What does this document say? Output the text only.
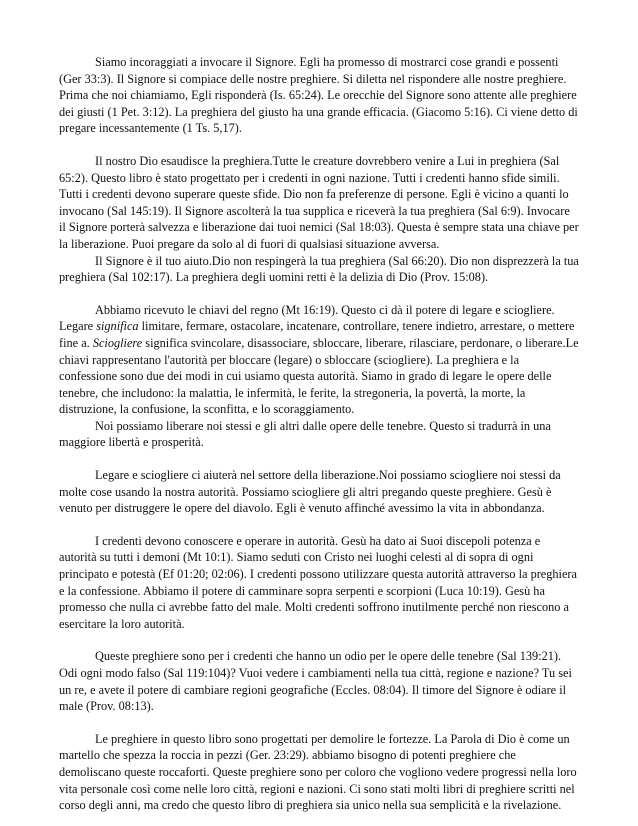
Siamo incoraggiati a invocare il Signore. Egli ha promesso di mostrarci cose grandi e possenti (Ger 33:3). Il Signore si compiace delle nostre preghiere. Si diletta nel rispondere alle nostre preghiere. Prima che noi chiamiamo, Egli risponderà (Is. 65:24). Le orecchie del Signore sono attente alle preghiere dei giusti (1 Pet. 3:12). La preghiera del giusto ha una grande efficacia. (Giacomo 5:16). Ci viene detto di pregare incessantemente (1 Ts. 5,17).

Il nostro Dio esaudisce la preghiera.Tutte le creature dovrebbero venire a Lui in preghiera (Sal 65:2). Questo libro è stato progettato per i credenti in ogni nazione. Tutti i credenti hanno sfide simili. Tutti i credenti devono superare queste sfide. Dio non fa preferenze di persone. Egli è vicino a quanti lo invocano (Sal 145:19). Il Signore ascolterà la tua supplica e riceverà la tua preghiera (Sal 6:9). Invocare il Signore porterà salvezza e liberazione dai tuoi nemici (Sal 18:03). Questa è sempre stata una chiave per la liberazione. Puoi pregare da solo al di fuori di qualsiasi situazione avversa.

Il Signore è il tuo aiuto.Dio non respingerà la tua preghiera (Sal 66:20). Dio non disprezzerà la tua preghiera (Sal 102:17). La preghiera degli uomini retti è la delizia di Dio (Prov. 15:08).

Abbiamo ricevuto le chiavi del regno (Mt 16:19). Questo ci dà il potere di legare e sciogliere. Legare significa limitare, fermare, ostacolare, incatenare, controllare, tenere indietro, arrestare, o mettere fine a. Sciogliere significa svincolare, disassociare, sbloccare, liberare, rilasciare, perdonare, o liberare.Le chiavi rappresentano l'autorità per bloccare (legare) o sbloccare (sciogliere). La preghiera e la confessione sono due dei modi in cui usiamo questa autorità. Siamo in grado di legare le opere delle tenebre, che includono: la malattia, le infermità, le ferite, la stregoneria, la povertà, la morte, la distruzione, la confusione, la sconfitta, e lo scoraggiamento.

Noi possiamo liberare noi stessi e gli altri dalle opere delle tenebre. Questo si tradurrà in una maggiore libertà e prosperità.

Legare e sciogliere ci aiuterà nel settore della liberazione.Noi possiamo sciogliere noi stessi da molte cose usando la nostra autorità. Possiamo sciogliere gli altri pregando queste preghiere. Gesù è venuto per distruggere le opere del diavolo. Egli è venuto affinché avessimo la vita in abbondanza.

I credenti devono conoscere e operare in autorità. Gesù ha dato ai Suoi discepoli potenza e autorità su tutti i demoni (Mt 10:1). Siamo seduti con Cristo nei luoghi celesti al di sopra di ogni principato e potestà (Ef 01:20; 02:06). I credenti possono utilizzare questa autorità attraverso la preghiera e la confessione. Abbiamo il potere di camminare sopra serpenti e scorpioni (Luca 10:19). Gesù ha promesso che nulla ci avrebbe fatto del male. Molti credenti soffrono inutilmente perché non riescono a esercitare la loro autorità.

Queste preghiere sono per i credenti che hanno un odio per le opere delle tenebre (Sal 139:21). Odi ogni modo falso (Sal 119:104)? Vuoi vedere i cambiamenti nella tua città, regione e nazione? Tu sei un re, e avete il potere di cambiare regioni geografiche (Eccles. 08:04). Il timore del Signore è odiare il male (Prov. 08:13).

Le preghiere in questo libro sono progettati per demolire le fortezze. La Parola di Dio è come un martello che spezza la roccia in pezzi (Ger. 23:29). abbiamo bisogno di potenti preghiere che demoliscano queste roccaforti. Queste preghiere sono per coloro che vogliono vedere progressi nella loro vita personale così come nelle loro città, regioni e nazioni. Ci sono stati molti libri di preghiere scritti nel corso degli anni, ma credo che questo libro di preghiera sia unico nella sua semplicità e la rivelazione.
